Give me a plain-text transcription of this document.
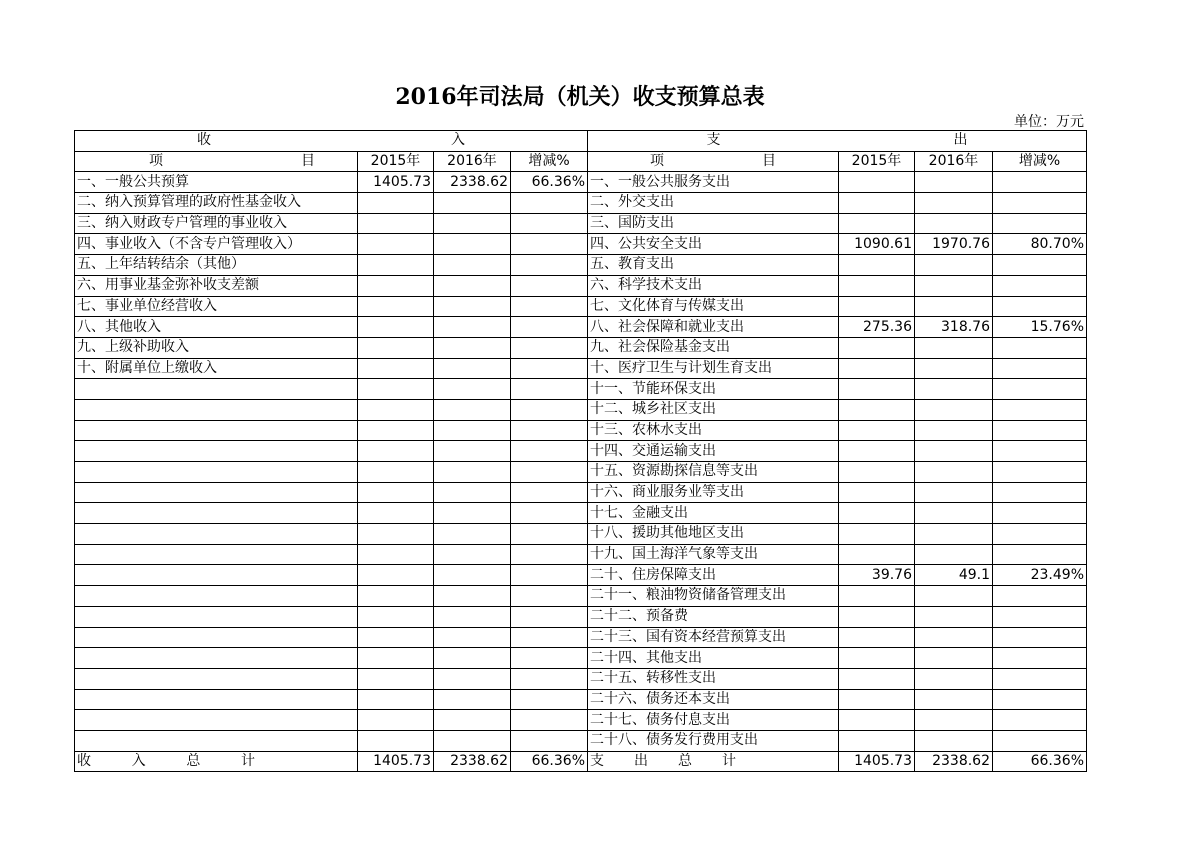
2016年司法局（机关）收支预算总表
单位：万元
收 入				支 出			

项 目	2015年	2016年	增减%	项 目	2015年	2016年	增减%
一、一般公共预算	1405.73	2338.62	66.36%	一、一般公共服务支出			
二、纳入预算管理的政府性基金收入				二、外交支出			
三、纳入财政专户管理的事业收入				三、国防支出			
四、事业收入（不含专户管理收入）				四、公共安全支出	1090.61	1970.76	80.70%
五、上年结转结余（其他）				五、教育支出			
六、用事业基金弥补收支差额				六、科学技术支出			
七、事业单位经营收入				七、文化体育与传媒支出			
八、其他收入				八、社会保障和就业支出	275.36	318.76	15.76%
九、上级补助收入				九、社会保险基金支出			
十、附属单位上缴收入				十、医疗卫生与计划生育支出			
				十一、节能环保支出			
				十二、城乡社区支出			
				十三、农林水支出			
				十四、交通运输支出			
				十五、资源勘探信息等支出			
				十六、商业服务业等支出			
				十七、金融支出			
				十八、援助其他地区支出			
				十九、国土海洋气象等支出			
				二十、住房保障支出	39.76	49.1	23.49%
				二十一、粮油物资储备管理支出			
				二十二、预备费			
				二十三、国有资本经营预算支出			
				二十四、其他支出			
				二十五、转移性支出			
				二十六、债务还本支出			
				二十七、债务付息支出			
				二十八、债务发行费用支出			

收 入 总 计	1405.73	2338.62	66.36%	支 出 总 计	1405.73	2338.62	66.36%
